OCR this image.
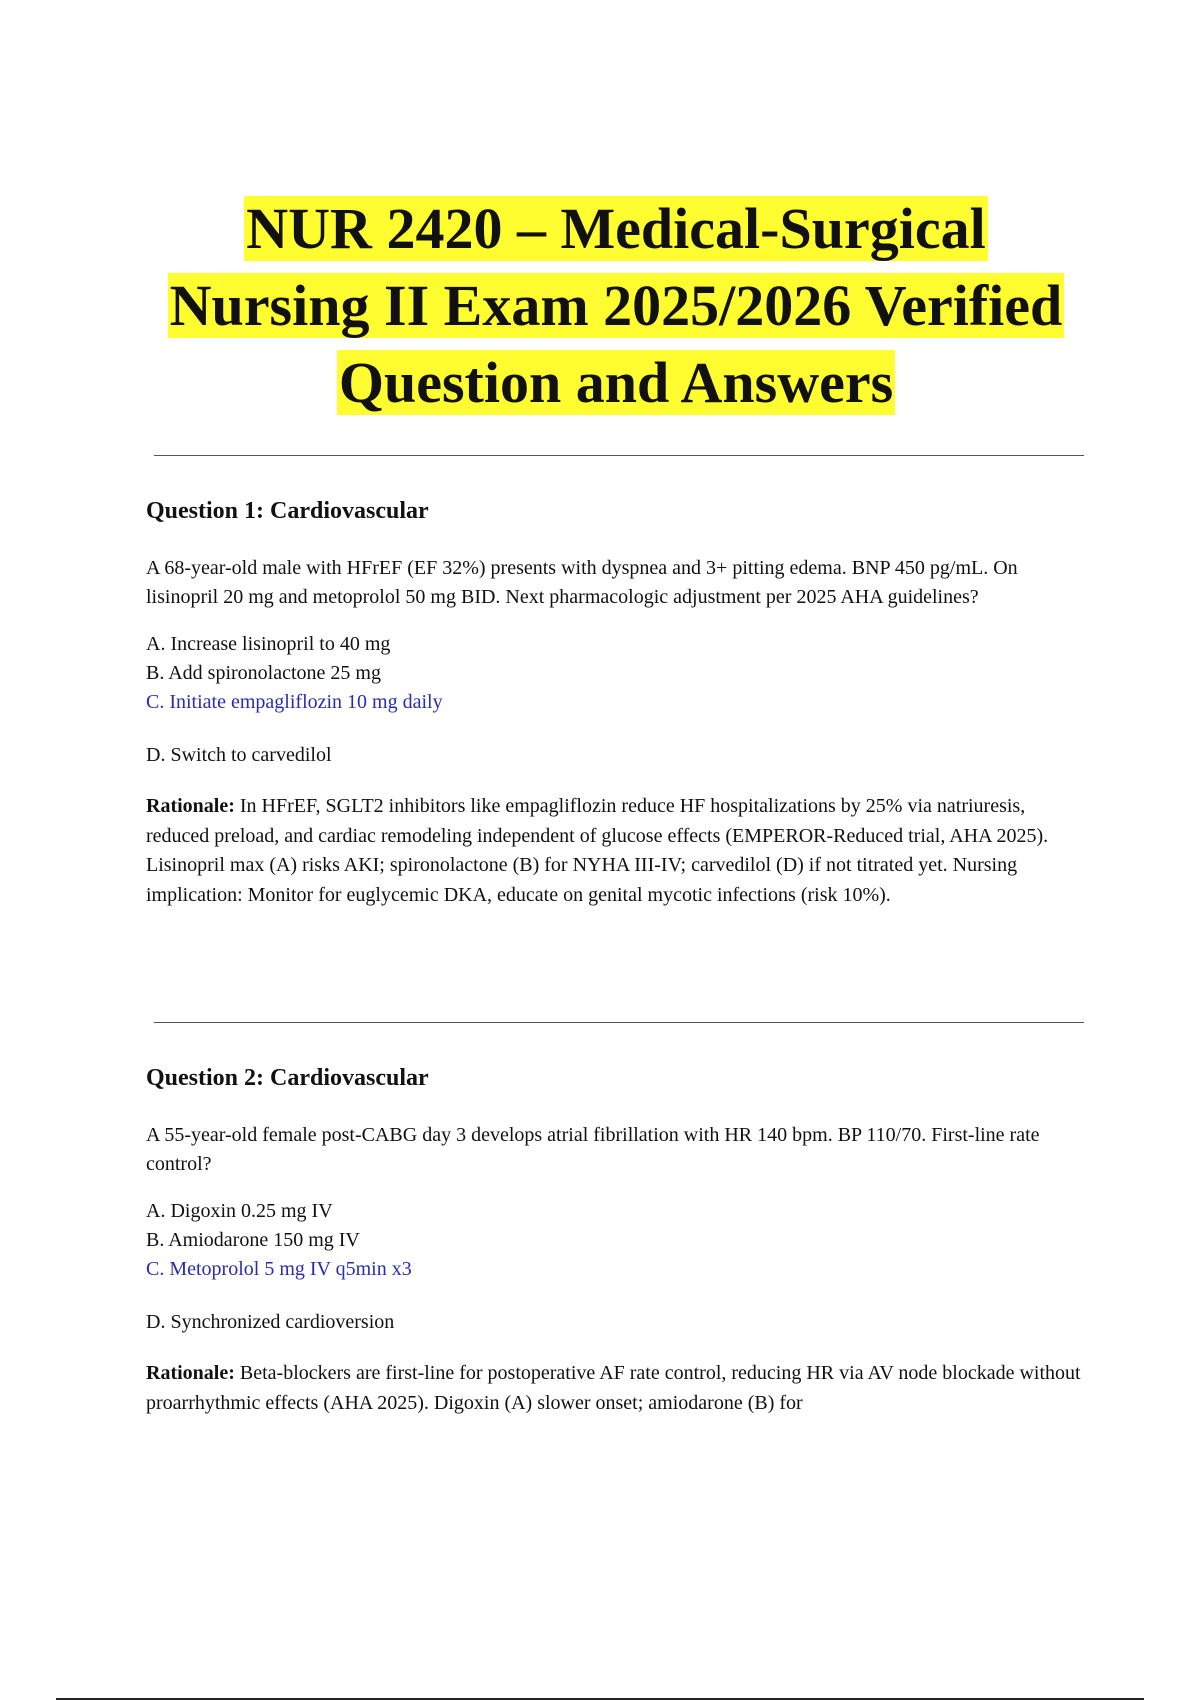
NUR 2420 – Medical-Surgical
Nursing II Exam 2025/2026 Verified
Question and Answers

Question 1: Cardiovascular

A 68-year-old male with HFrEF (EF 32%) presents with dyspnea and 3+ pitting edema. BNP 450 pg/mL. On lisinopril 20 mg and metoprolol 50 mg BID. Next pharmacologic adjustment per 2025 AHA guidelines?

A. Increase lisinopril to 40 mg
B. Add spironolactone 25 mg
C. Initiate empagliflozin 10 mg daily
D. Switch to carvedilol

Rationale: In HFrEF, SGLT2 inhibitors like empagliflozin reduce HF hospitalizations by 25% via natriuresis, reduced preload, and cardiac remodeling independent of glucose effects (EMPEROR-Reduced trial, AHA 2025). Lisinopril max (A) risks AKI; spironolactone (B) for NYHA III-IV; carvedilol (D) if not titrated yet. Nursing implication: Monitor for euglycemic DKA, educate on genital mycotic infections (risk 10%).

Question 2: Cardiovascular

A 55-year-old female post-CABG day 3 develops atrial fibrillation with HR 140 bpm. BP 110/70. First-line rate control?

A. Digoxin 0.25 mg IV
B. Amiodarone 150 mg IV
C. Metoprolol 5 mg IV q5min x3
D. Synchronized cardioversion

Rationale: Beta-blockers are first-line for postoperative AF rate control, reducing HR via AV node blockade without proarrhythmic effects (AHA 2025). Digoxin (A) slower onset; amiodarone (B) for
